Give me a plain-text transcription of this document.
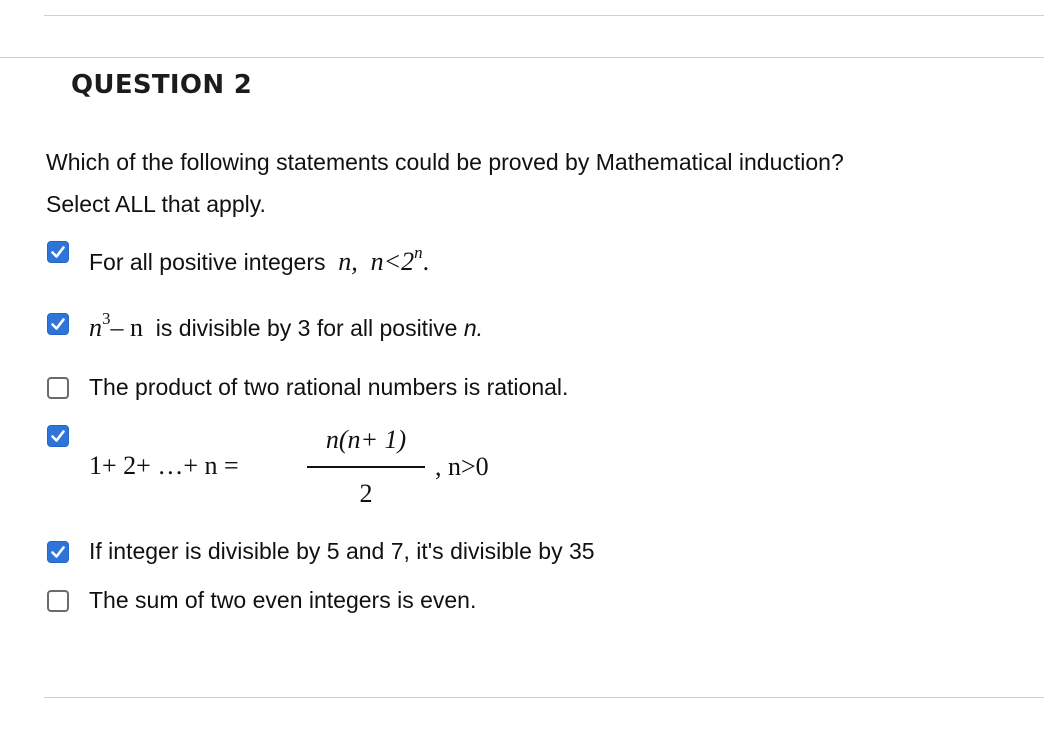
QUESTION 2
Which of the following statements could be proved by Mathematical induction?
Select ALL that apply.
For all positive integers n, $n<2^n$.
$n^3-$ n is divisible by 3 for all positive n.
The product of two rational numbers is rational.
1+ 2+ …+ n =
n(n+ 1)
2
, n>0
If integer is divisible by 5 and 7, it's divisible by 35
The sum of two even integers is even.
